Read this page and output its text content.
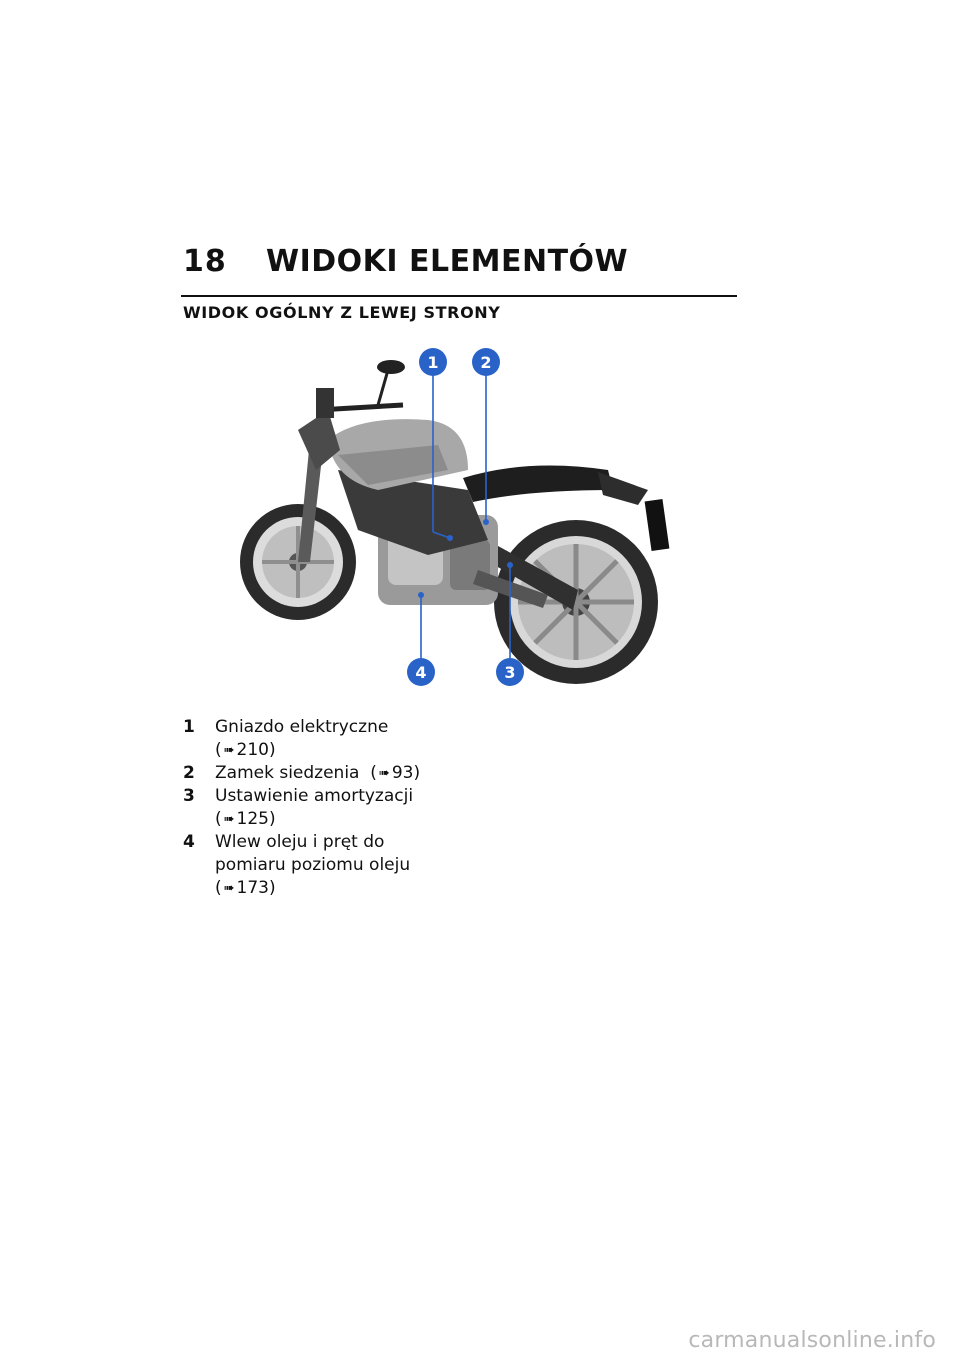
18 WIDOKI ELEMENTÓW
WIDOK OGÓLNY Z LEWEJ STRONY
1	2
3
4
1 Gniazdo elektryczne
( ➠ 210)
2 Zamek siedzenia ( ➠ 93)
3 Ustawienie amortyzacji
( ➠ 125)
4 Wlew oleju i pręt do
pomiaru poziomu oleju
( ➠ 173)
carmanualsonline.info
